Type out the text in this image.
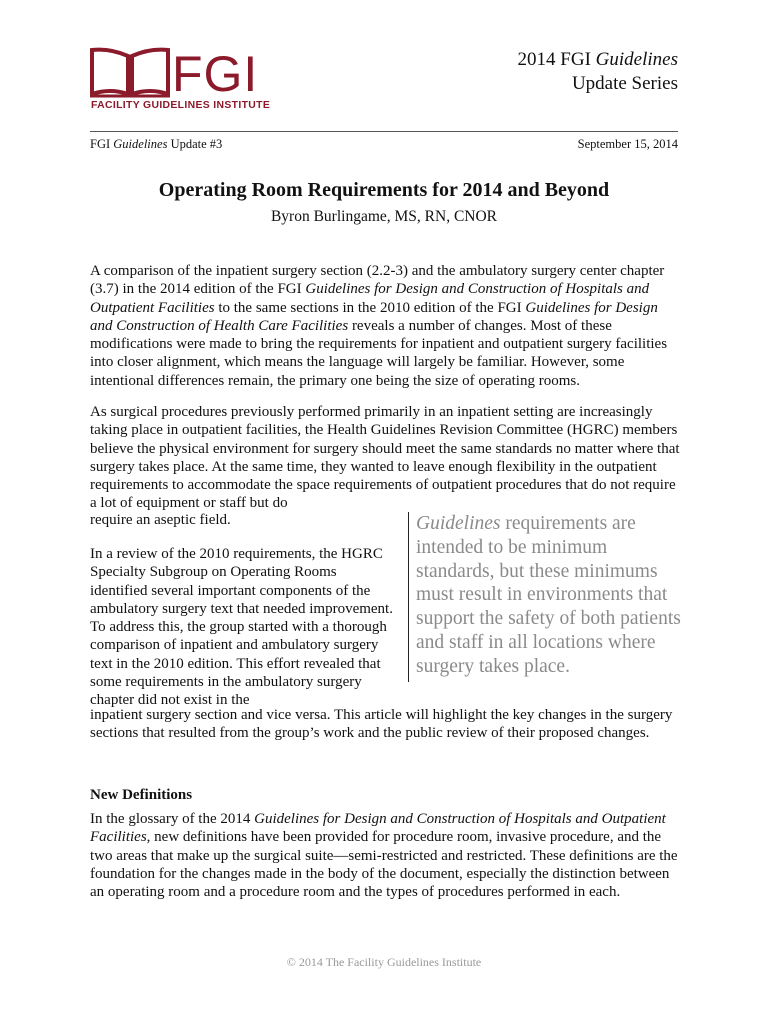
FGI
FACILITY GUIDELINES INSTITUTE
2014 FGI Guidelines
Update Series
FGI Guidelines Update #3	September 15, 2014
Operating Room Requirements for 2014 and Beyond
Byron Burlingame, MS, RN, CNOR

A comparison of the inpatient surgery section (2.2-3) and the ambulatory surgery center chapter (3.7) in the 2014 edition of the FGI Guidelines for Design and Construction of Hospitals and Outpatient Facilities to the same sections in the 2010 edition of the FGI Guidelines for Design and Construction of Health Care Facilities reveals a number of changes. Most of these modifications were made to bring the requirements for inpatient and outpatient surgery facilities into closer alignment, which means the language will largely be familiar. However, some intentional differences remain, the primary one being the size of operating rooms.

As surgical procedures previously performed primarily in an inpatient setting are increasingly taking place in outpatient facilities, the Health Guidelines Revision Committee (HGRC) members believe the physical environment for surgery should meet the same standards no matter where that surgery takes place. At the same time, they wanted to leave enough flexibility in the outpatient requirements to accommodate the space requirements of outpatient procedures that do not require a lot of equipment or staff but do

require an aseptic field.

In a review of the 2010 requirements, the HGRC Specialty Subgroup on Operating Rooms identified several important components of the ambulatory surgery text that needed improvement. To address this, the group started with a thorough comparison of inpatient and ambulatory surgery text in the 2010 edition. This effort revealed that some requirements in the ambulatory surgery chapter did not exist in the

inpatient surgery section and vice versa. This article will highlight the key changes in the surgery sections that resulted from the group’s work and the public review of their proposed changes.

Guidelines requirements are intended to be minimum standards, but these minimums must result in environments that support the safety of both patients and staff in all locations where surgery takes place.
New Definitions

In the glossary of the 2014 Guidelines for Design and Construction of Hospitals and Outpatient Facilities, new definitions have been provided for procedure room, invasive procedure, and the two areas that make up the surgical suite—semi-restricted and restricted. These definitions are the foundation for the changes made in the body of the document, especially the distinction between an operating room and a procedure room and the types of procedures performed in each.

© 2014 The Facility Guidelines Institute
